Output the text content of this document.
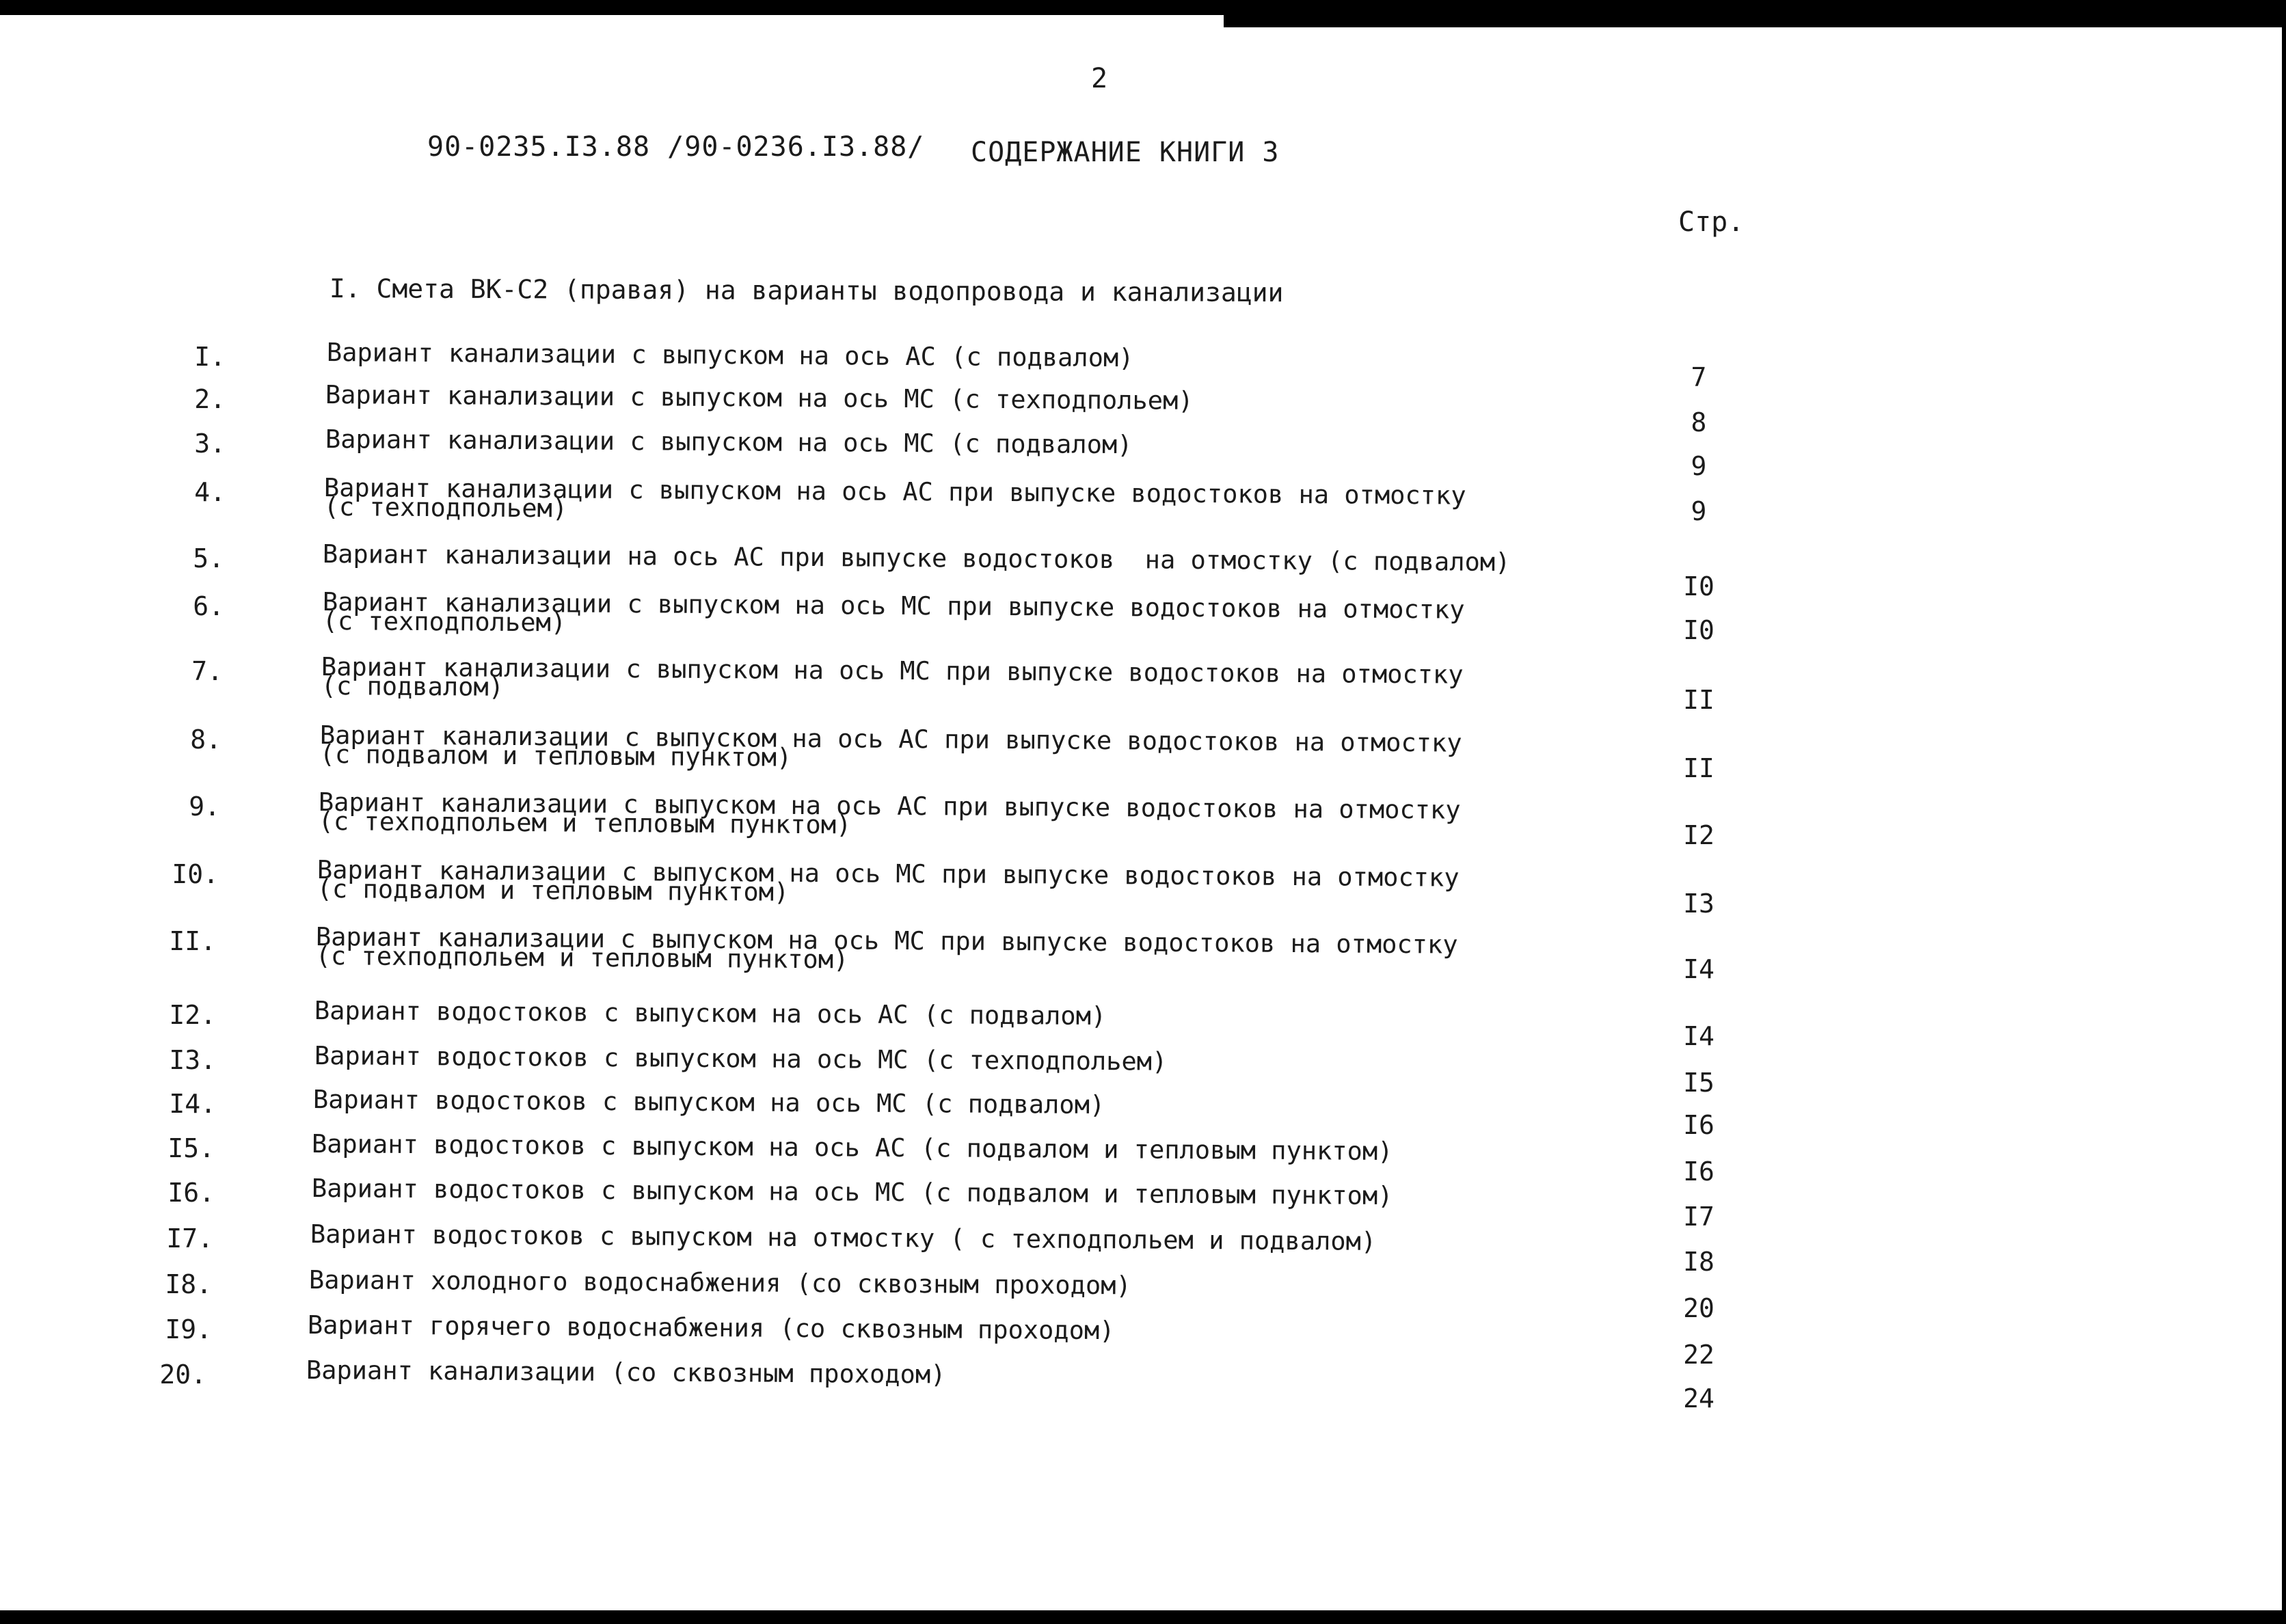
2
90-0235.I3.88 /90-0236.I3.88/ СОДЕРЖАНИЕ КНИГИ 3
Стр.
I. Смета ВК-С2 (правая) на варианты водопровода и канализации
I.	Вариант канализации с выпуском на ось АС (с подвалом)
7
2.	Вариант канализации с выпуском на ось МС (с техподпольем)
8
3.	Вариант канализации с выпуском на ось МС (с подвалом)
9
4.	Вариант канализации с выпуском на ось АС при выпуске водостоков на отмостку
(с техподпольем)	9
5.	Вариант канализации на ось АС при выпуске водостоков  на отмостку (с подвалом)
I0
6.	Вариант канализации с выпуском на ось МС при выпуске водостоков на отмостку
(с техподпольем)	I0
7.	Вариант канализации с выпуском на ось МС при выпуске водостоков на отмостку
(с подвалом)	II
8.	Вариант канализации с выпуском на ось АС при выпуске водостоков на отмостку
(с подвалом и тепловым пунктом)	II
9.	Вариант канализации с выпуском на ось АС при выпуске водостоков на отмостку
(с техподпольем и тепловым пунктом)	I2
I0.	Вариант канализации с выпуском на ось МС при выпуске водостоков на отмостку
(с подвалом и тепловым пунктом)	I3
II.	Вариант канализации с выпуском на ось МС при выпуске водостоков на отмостку
(с техподпольем и тепловым пунктом)	I4
I2.	Вариант водостоков с выпуском на ось АС (с подвалом)
I4
I3.	Вариант водостоков с выпуском на ось МС (с техподпольем)
I5
I4.	Вариант водостоков с выпуском на ось МС (с подвалом)
I6
I5.	Вариант водостоков с выпуском на ось АС (с подвалом и тепловым пунктом)
I6
I6.	Вариант водостоков с выпуском на ось МС (с подвалом и тепловым пунктом)
I7
I7.	Вариант водостоков с выпуском на отмостку ( с техподпольем и подвалом)
I8
I8.	Вариант холодного водоснабжения (со сквозным проходом)
20
I9.	Вариант горячего водоснабжения (со сквозным проходом)
22
20.	Вариант канализации (со сквозным проходом)
24
